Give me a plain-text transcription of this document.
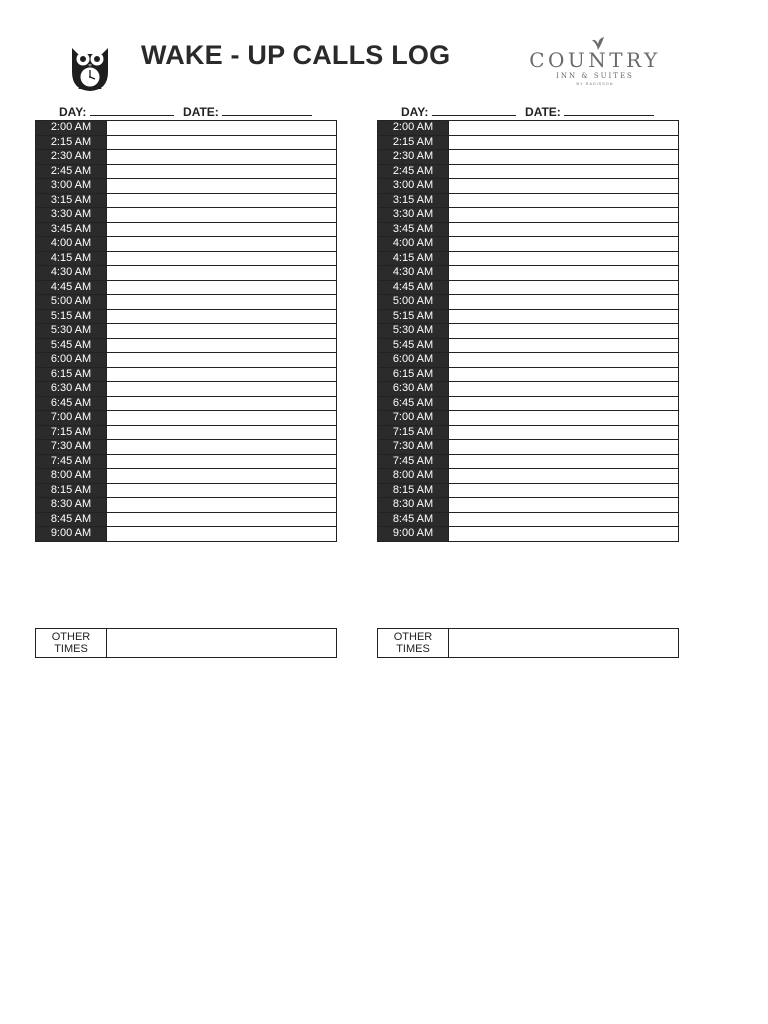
WAKE - UP CALLS LOG	COUNTRY
INN & SUITES
BY RADISSON
DAY:	DATE:
2:00 AM	
2:15 AM	
2:30 AM	
2:45 AM	
3:00 AM	
3:15 AM	
3:30 AM	
3:45 AM	
4:00 AM	
4:15 AM	
4:30 AM	
4:45 AM	
5:00 AM	
5:15 AM	
5:30 AM	
5:45 AM	
6:00 AM	
6:15 AM	
6:30 AM	
6:45 AM	
7:00 AM	
7:15 AM	
7:30 AM	
7:45 AM	
8:00 AM	
8:15 AM	
8:30 AM	
8:45 AM	
9:00 AM	
DAY:	DATE:
2:00 AM	
2:15 AM	
2:30 AM	
2:45 AM	
3:00 AM	
3:15 AM	
3:30 AM	
3:45 AM	
4:00 AM	
4:15 AM	
4:30 AM	
4:45 AM	
5:00 AM	
5:15 AM	
5:30 AM	
5:45 AM	
6:00 AM	
6:15 AM	
6:30 AM	
6:45 AM	
7:00 AM	
7:15 AM	
7:30 AM	
7:45 AM	
8:00 AM	
8:15 AM	
8:30 AM	
8:45 AM	
9:00 AM	
OTHER
TIMES
OTHER
TIMES
